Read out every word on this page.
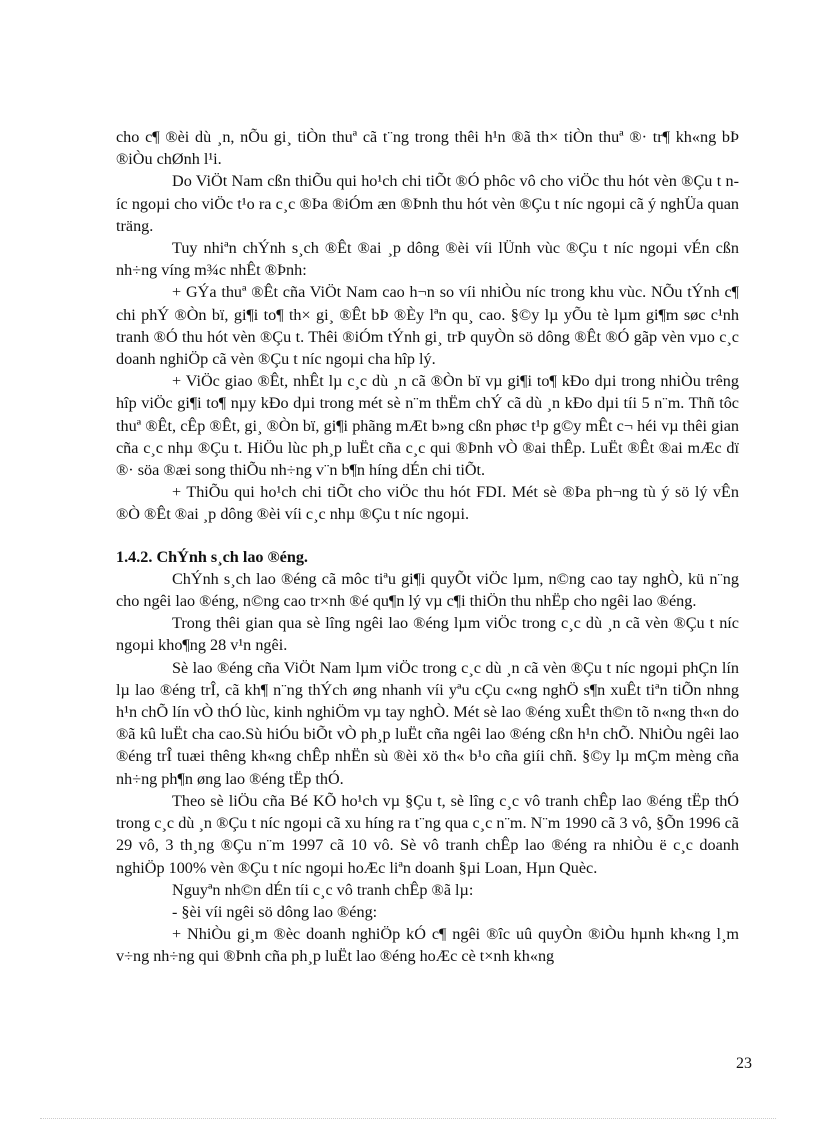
cho c¶ ®èi dù ¸n, nÕu gi¸ tiÒn thuª cã t¨ng trong thêi h¹n ®ã th× tiÒn thuª ®· tr¶ kh«ng bÞ ®iÒu chØnh l¹i.

Do ViÖt Nam cßn thiÕu qui ho¹ch chi tiÕt ®Ó phôc vô cho viÖc thu hót vèn ®Çu t níc ngoµi cho viÖc t¹o ra c¸c ®Þa ®iÓm æn ®Þnh thu hót vèn ®Çu t níc ngoµi cã ý nghÜa quan träng.

Tuy nhiªn chÝnh s¸ch ®Êt ®ai ¸p dông ®èi víi lÜnh vùc ®Çu t níc ngoµi vÉn cßn nh÷ng víng m¾c nhÊt ®Þnh:

+ GÝa thuª ®Êt cña ViÖt Nam cao h¬n so víi nhiÒu níc trong khu vùc. NÕu tÝnh c¶ chi phÝ ®Òn bï, gi¶i to¶ th× gi¸ ®Êt bÞ ®Èy lªn qu¸ cao. §©y lµ yÕu tè lµm gi¶m søc c¹nh tranh ®Ó thu hót vèn ®Çu t. Thêi ®iÓm tÝnh gi¸ trÞ quyÒn sö dông ®Êt ®Ó gãp vèn vµo c¸c doanh nghiÖp cã vèn ®Çu t níc ngoµi cha hîp lý.

+ ViÖc giao ®Êt, nhÊt lµ c¸c dù ¸n cã ®Òn bï vµ gi¶i to¶ kÐo dµi trong nhiÒu trêng hîp viÖc gi¶i to¶ nµy kÐo dµi trong mét sè n¨m thËm chÝ cã dù ¸n kÐo dµi tíi 5 n¨m. Thñ tôc thuª ®Êt, cÊp ®Êt, gi¸ ®Òn bï, gi¶i phãng mÆt b»ng cßn phøc t¹p g©y mÊt c¬ héi vµ thêi gian cña c¸c nhµ ®Çu t. HiÖu lùc ph¸p luËt cña c¸c qui ®Þnh vÒ ®ai thÊp. LuËt ®Êt ®ai mÆc dï ®· söa ®æi song thiÕu nh÷ng v¨n b¶n híng dÉn chi tiÕt.

+ ThiÕu qui ho¹ch chi tiÕt cho viÖc thu hót FDI. Mét sè ®Þa ph¬ng tù ý sö lý vÊn ®Ò ®Êt ®ai ¸p dông ®èi víi c¸c nhµ ®Çu t níc ngoµi.

1.4.2. ChÝnh s¸ch lao ®éng.

ChÝnh s¸ch lao ®éng cã môc tiªu gi¶i quyÕt viÖc lµm, n©ng cao tay nghÒ, kü n¨ng cho ngêi lao ®éng, n©ng cao tr×nh ®é qu¶n lý vµ c¶i thiÖn thu nhËp cho ngêi lao ®éng.

Trong thêi gian qua sè lîng ngêi lao ®éng lµm viÖc trong c¸c dù ¸n cã vèn ®Çu t níc ngoµi kho¶ng 28 v¹n ngêi.

Sè lao ®éng cña ViÖt Nam lµm viÖc trong c¸c dù ¸n cã vèn ®Çu t níc ngoµi phÇn lín lµ lao ®éng trÎ, cã kh¶ n¨ng thÝch øng nhanh víi yªu cÇu c«ng nghÖ s¶n xuÊt tiªn tiÕn nhng h¹n chÕ lín vÒ thÓ lùc, kinh nghiÖm vµ tay nghÒ. Mét sè lao ®éng xuÊt th©n tõ n«ng th«n do ®ã kû luËt cha cao.Sù hiÓu biÕt vÒ ph¸p luËt cña ngêi lao ®éng cßn h¹n chÕ. NhiÒu ngêi lao ®éng trÎ tuæi thêng kh«ng chÊp nhËn sù ®èi xö th« b¹o cña giíi chñ. §©y lµ mÇm mèng cña nh÷ng ph¶n øng lao ®éng tËp thÓ.

Theo sè liÖu cña Bé KÕ ho¹ch vµ §Çu t, sè lîng c¸c vô tranh chÊp lao ®éng tËp thÓ trong c¸c dù ¸n ®Çu t níc ngoµi cã xu híng ra t¨ng qua c¸c n¨m. N¨m 1990 cã 3 vô, §Õn 1996 cã 29 vô, 3 th¸ng ®Çu n¨m 1997 cã 10 vô. Sè vô tranh chÊp lao ®éng ra nhiÒu ë c¸c doanh nghiÖp 100% vèn ®Çu t níc ngoµi hoÆc liªn doanh §µi Loan, Hµn Quèc.

Nguyªn nh©n dÉn tíi c¸c vô tranh chÊp ®ã lµ:

- §èi víi ngêi sö dông lao ®éng:

+ NhiÒu gi¸m ®èc doanh nghiÖp kÓ c¶ ngêi ®îc uû quyÒn ®iÒu hµnh kh«ng l¸m v÷ng nh÷ng qui ®Þnh cña ph¸p luËt lao ®éng hoÆc cè t×nh kh«ng

23
